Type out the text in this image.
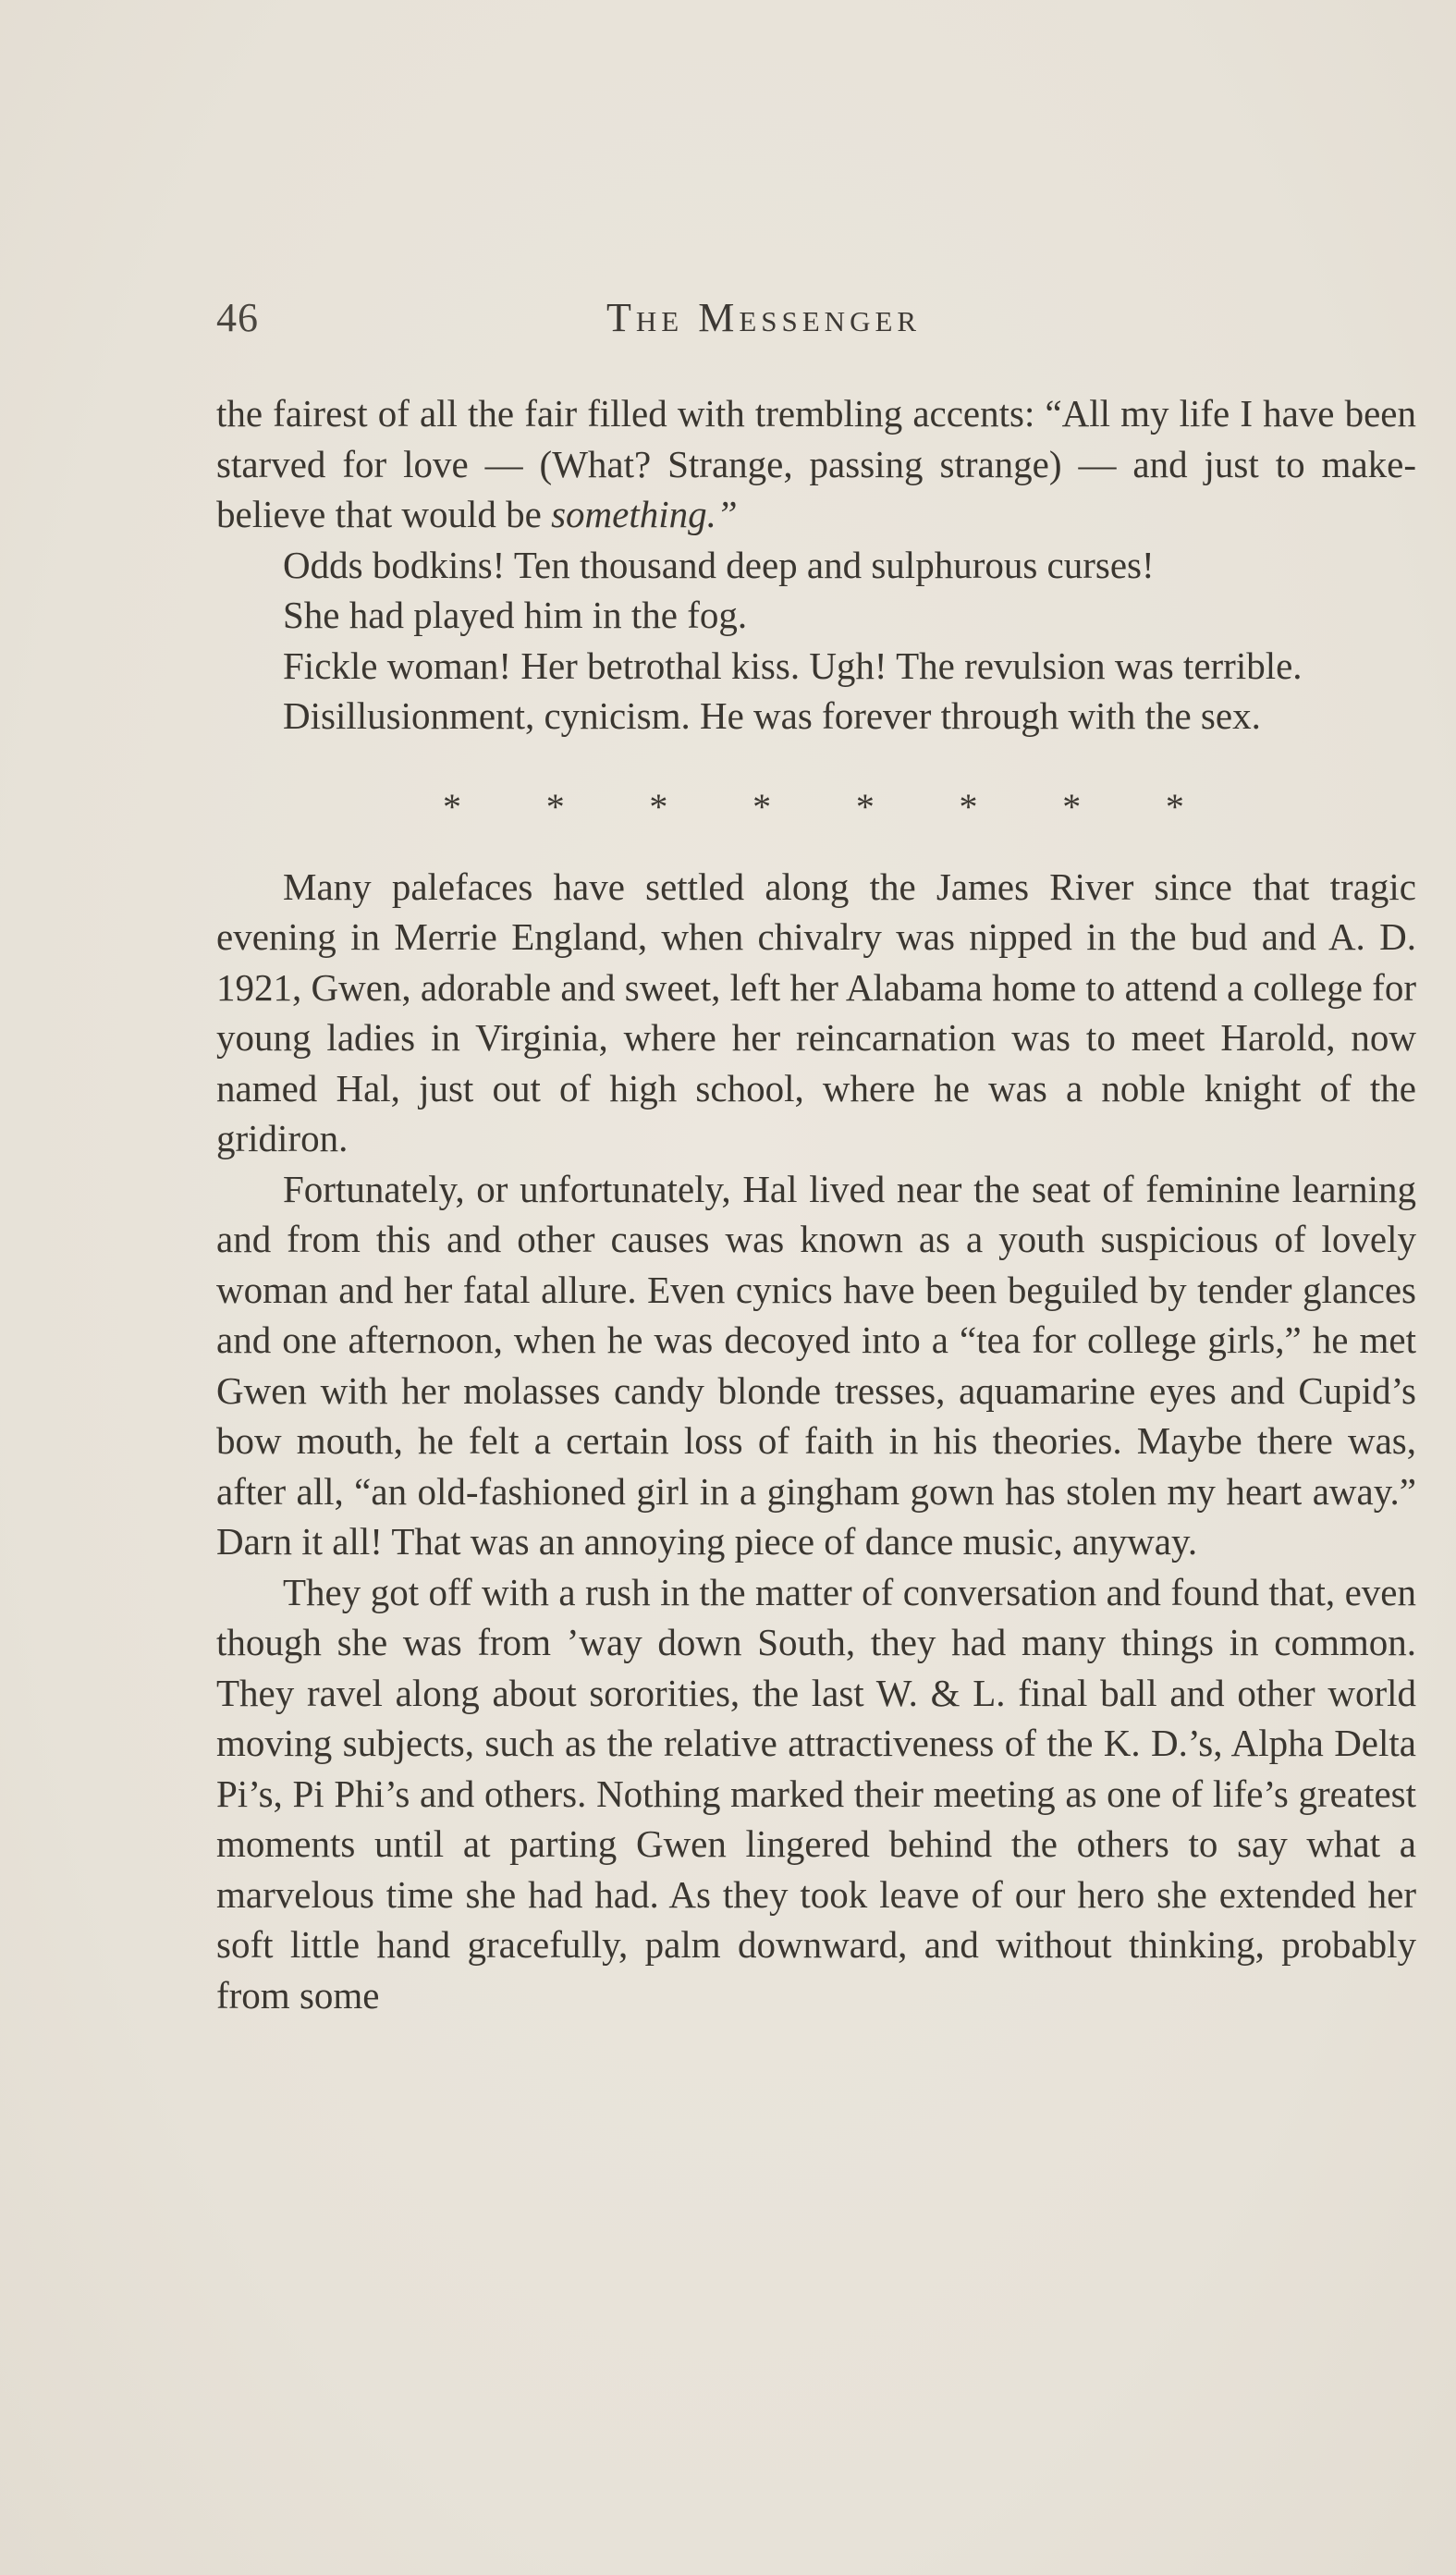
46	The Messenger

the fairest of all the fair filled with trembling accents: “All my life I have been starved for love — (What? Strange, passing strange) — and just to make-believe that would be something.”

Odds bodkins! Ten thousand deep and sulphurous curses!

She had played him in the fog.

Fickle woman! Her betrothal kiss. Ugh! The revulsion was terrible.

Disillusionment, cynicism. He was forever through with the sex.

* * * * * * * *

Many palefaces have settled along the James River since that tragic evening in Merrie England, when chivalry was nipped in the bud and A. D. 1921, Gwen, adorable and sweet, left her Alabama home to attend a college for young ladies in Virginia, where her reincarnation was to meet Harold, now named Hal, just out of high school, where he was a noble knight of the gridiron.

Fortunately, or unfortunately, Hal lived near the seat of feminine learning and from this and other causes was known as a youth suspicious of lovely woman and her fatal allure. Even cynics have been beguiled by tender glances and one afternoon, when he was decoyed into a “tea for college girls,” he met Gwen with her molasses candy blonde tresses, aquamarine eyes and Cupid’s bow mouth, he felt a certain loss of faith in his theories. Maybe there was, after all, “an old-fashioned girl in a gingham gown has stolen my heart away.” Darn it all! That was an annoying piece of dance music, anyway.

They got off with a rush in the matter of conversation and found that, even though she was from ’way down South, they had many things in common. They ravel along about sororities, the last W. & L. final ball and other world moving subjects, such as the relative attractiveness of the K. D.’s, Alpha Delta Pi’s, Pi Phi’s and others. Nothing marked their meeting as one of life’s greatest moments until at parting Gwen lingered behind the others to say what a marvelous time she had had. As they took leave of our hero she extended her soft little hand gracefully, palm downward, and without thinking, probably from some
